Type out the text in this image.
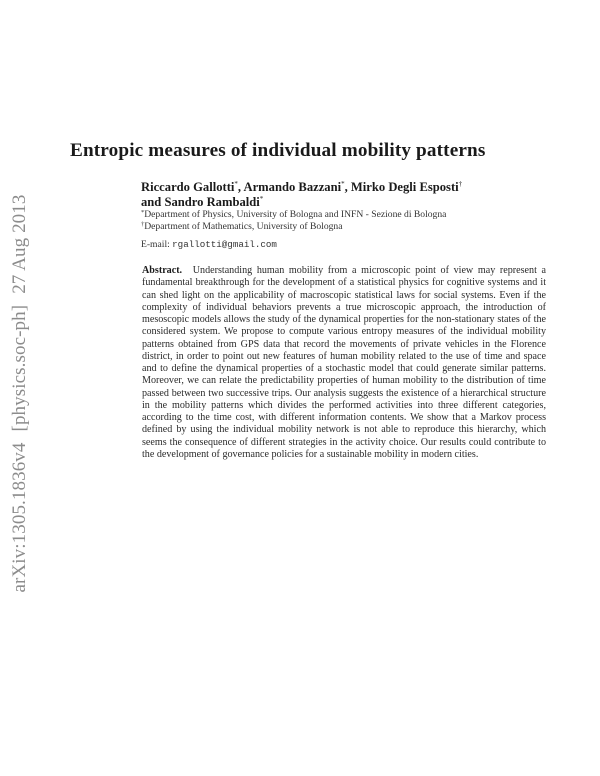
arXiv:1305.1836v4[physics.soc-ph]27 Aug 2013
Entropic measures of individual mobility patterns
Riccardo Gallotti*, Armando Bazzani*, Mirko Degli Esposti†
and Sandro Rambaldi*
*Department of Physics, University of Bologna and INFN - Sezione di Bologna
†Department of Mathematics, University of Bologna
E-mail: rgallotti@gmail.com
Abstract. Understanding human mobility from a microscopic point of view may represent a fundamental breakthrough for the development of a statistical physics for cognitive systems and it can shed light on the applicability of macroscopic statistical laws for social systems. Even if the complexity of individual behaviors prevents a true microscopic approach, the introduction of mesoscopic models allows the study of the dynamical properties for the non-stationary states of the considered system. We propose to compute various entropy measures of the individual mobility patterns obtained from GPS data that record the movements of private vehicles in the Florence district, in order to point out new features of human mobility related to the use of time and space and to define the dynamical properties of a stochastic model that could generate similar patterns. Moreover, we can relate the predictability properties of human mobility to the distribution of time passed between two successive trips. Our analysis suggests the existence of a hierarchical structure in the mobility patterns which divides the performed activities into three different categories, according to the time cost, with different information contents. We show that a Markov process defined by using the individual mobility network is not able to reproduce this hierarchy, which seems the consequence of different strategies in the activity choice. Our results could contribute to the development of governance policies for a sustainable mobility in modern cities.
